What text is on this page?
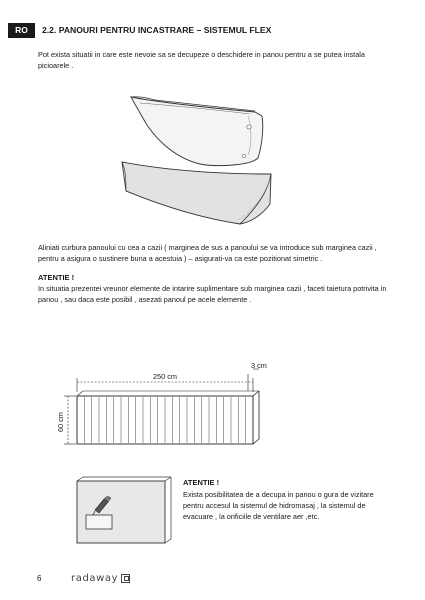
RO	2.2. PANOURI PENTRU INCASTRARE – SISTEMUL FLEX
Pot exista situatii in care este nevoie sa se decupeze o deschidere in panou pentru a se putea instala picioarele .
250 cm
3 cm
60 cm
Aliniati curbura panoului cu cea a cazii ( marginea de sus a panoului se va introduce sub marginea cazii , pentru a asigura o sustinere buna a acestuia ) – asigurati-va ca este pozitionat simetric .
ATENTIE !
In situatia prezentei vreunor elemente de intarire suplimentare sub marginea cazii , faceti taietura potrivita in panou , sau daca este posibil , asezati panoul pe acele elemente .
ATENTIE !
Exista posibilitatea de a decupa in panou o gura de vizitare pentru accesul la sistemul de hidromasaj , la sistemul de evacuare , la orificiile de ventilare aer ,etc.
6	radaway
